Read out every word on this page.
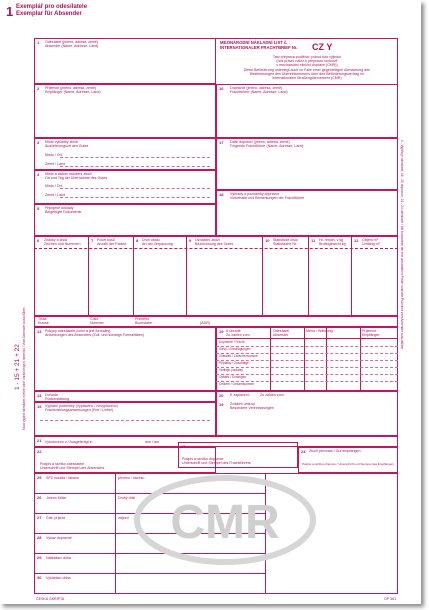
1 Exemplář pro odesílatele
Exemplar für Absender
1 Odesílatel (jméno, adresa, země)
Absender (Name, Adresse, Land)
MEZINÁRODNÍ NÁKLADNÍ LIST č.
INTERNATIONALER FRACHTBRIEF Nr. CZ Y
Tato přeprava podléhá i pokud tuto výjimku
(nos právní nález o přepravní smlouvě
v mezinárodní silniční dopravě (CMR))
Diese Beförderung unterliegt auch im Falle einer gegenteiligen Abmachung den
Bestimmungen des Übereinkommens über den Beförderungsvertrag im
internationalen Straßengüterverkehr (CMR)
2 Příjemce (jméno, adresa, země)
Empfänger (Name, Adresse, Land)
16 Dopravce (jméno, adresa, země)
Frachtführer (Name, Adresse, Land)
3 Místo vykládky zboží
Auslieferungsort des Gutes
Místo / Ort
Země / Land
17 Další dopravci (jméno, adresa, země)
Folgende Frachtführer (Name, Adresse, Land)
4 Místo a datum naložení zboží
Ort und Tag der Übernahme des Gutes
Místo / Ort
Země / Land	18 Výhrady a poznámky dopravce
Vorbehalte und Bemerkungen der Frachtführer
5 Připojené doklady
Beigefügte Dokumente
6 Značky a čísla
Zeichen und Nummern
7 Počet kusů
Anzahl der Packst.
8 Druh obalu
Art der Verpackung
9 Označení zboží
Bezeichnung des Gutes
10 Statistické číslo
Statistische Nr.
11 Hr. hmotn. v kg
Bruttogewicht kg
12 Objem m³
Umfang m³
Třída
Klasse
Číslo
Nummer
Písmeno
Buchstabe	(ADR)
13 Pokyny odesílatele (celní a jiné formality)
Anweisungen des Absenders (Zoll- und sonstige Formalitäten)
19 K úhradě
Zu zahlen vom
Odesílatel
Absender
Měna / Währung	Příjemce
Empfänger
Dopravné / Fracht
Slevy / Ermäßigungen
Zůstatek / Zwischensumme
Příplatky / Zuschläge
Vedlejší poplatky
Ostatní / Sonstiges
Celkem / Gesamtsumme
14 Dohoda
Rückerstattung
15 Výplatní podmínky (Vyplaceno / nevyplaceno)
Frachtzahlungsanweisungen (Frei / Unfrei)
19 Zvláštní úmluvy
Besondere Vereinbarungen
20 K zaplacení:	Zu zahlen vom:
21 Vyhotoveno v / Ausgefertigt in	dne / am
22
Podpis a razítko odesílatele
Unterschrift und Stempel des Absenders
23
Podpis a razítko dopravce
Unterschrift und Stempel des Frachtführers
24 Zboží převzato / Gut empfangen
Podpis a razítko příjemce / Unterschrift und Stempel des Empfängers
25 SPZ vozidla / tahače	přívěsu / návěsu
26 Jméno řidiče	Druhý řidič
27 Čas: příjezd	odjezd
28 Výkaz dopravné
29 Nakládací doba
30 Vykládací doba
CMR
1 - 15 + 21 + 22 Musí vyplnit odesílatel včetně silně ohraničených rámečků / Vom Absender auszufüllen
1 - Vyplňuje odesílatel; 16 - 20 dopravce; 21 - 24 odesílatel / Mit Ausnahme der fett umrandeten Felder sind alle Rubriken vom Absender auszufüllen
ČESKÁ SKRIPTA	OP 381
